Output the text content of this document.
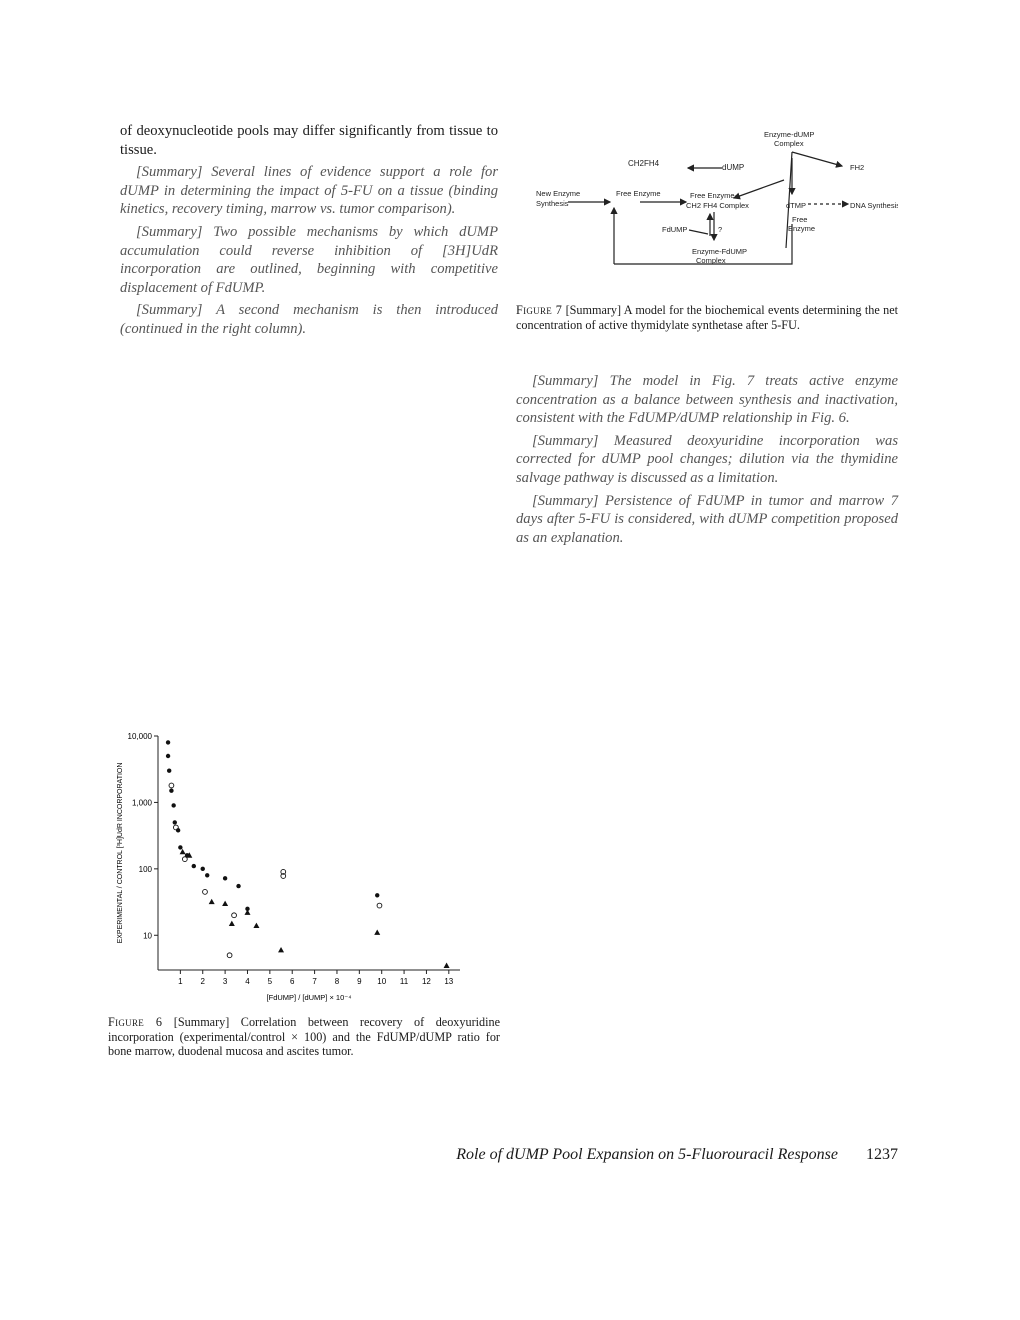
of deoxynucleotide pools may differ significantly from tissue to tissue.

[Summary] Several lines of evidence support a role for dUMP in determining the impact of 5-FU on a tissue (binding kinetics, recovery timing, marrow vs. tumor comparison).

[Summary] Two possible mechanisms by which dUMP accumulation could reverse inhibition of [3H]UdR incorporation are outlined, beginning with competitive displacement of FdUMP.

[Summary] A second mechanism is then introduced (continued in the right column).

1 2 3 4 5 6 7 8 9 10 11 12 13
10
100
1,000
10,000
[FdUMP] / [dUMP] × 10⁻⁴
EXPERIMENTAL / CONTROL [³H]UdR INCORPORATION

Figure 6 [Summary] Correlation between recovery of deoxyuridine incorporation (experimental/control × 100) and the FdUMP/dUMP ratio for bone marrow, duodenal mucosa and ascites tumor.

New Enzyme
Synthesis
Free Enzyme
CH2FH4	dUMP
Enzyme-dUMP
Complex
FH2
Free Enzyme-
CH2 FH4 Complex
FdUMP	?
Enzyme-FdUMP
Complex
dTMP	DNA Synthesis
Free
Enzyme

Figure 7 [Summary] A model for the biochemical events determining the net concentration of active thymidylate synthetase after 5-FU.

[Summary] The model in Fig. 7 treats active enzyme concentration as a balance between synthesis and inactivation, consistent with the FdUMP/dUMP relationship in Fig. 6.

[Summary] Measured deoxyuridine incorporation was corrected for dUMP pool changes; dilution via the thymidine salvage pathway is discussed as a limitation.

[Summary] Persistence of FdUMP in tumor and marrow 7 days after 5-FU is considered, with dUMP competition proposed as an explanation.

Role of dUMP Pool Expansion on 5-Fluorouracil Response 1237
